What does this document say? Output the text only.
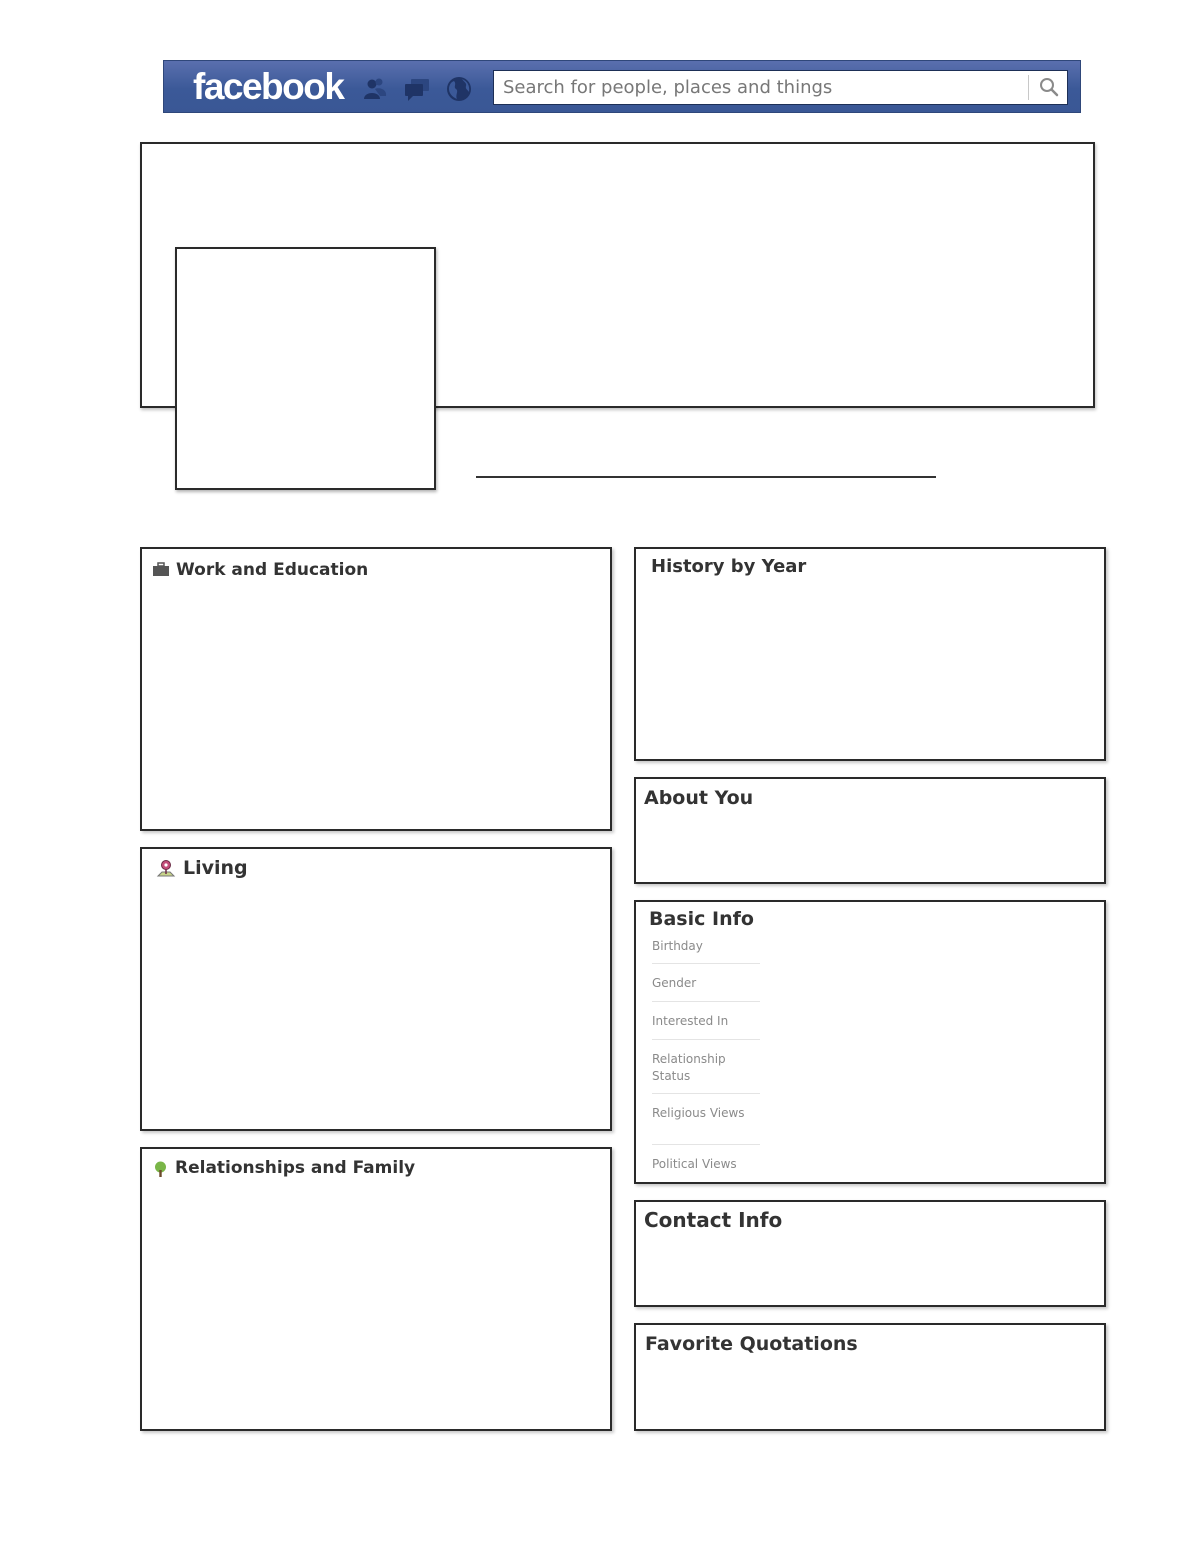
facebook
Search for people, places and things
Work and Education
Living
Relationships and Family
History by Year
About You
Basic Info
Birthday
Gender
Interested In
Relationship Status
Religious Views
Political Views
Contact Info
Favorite Quotations
